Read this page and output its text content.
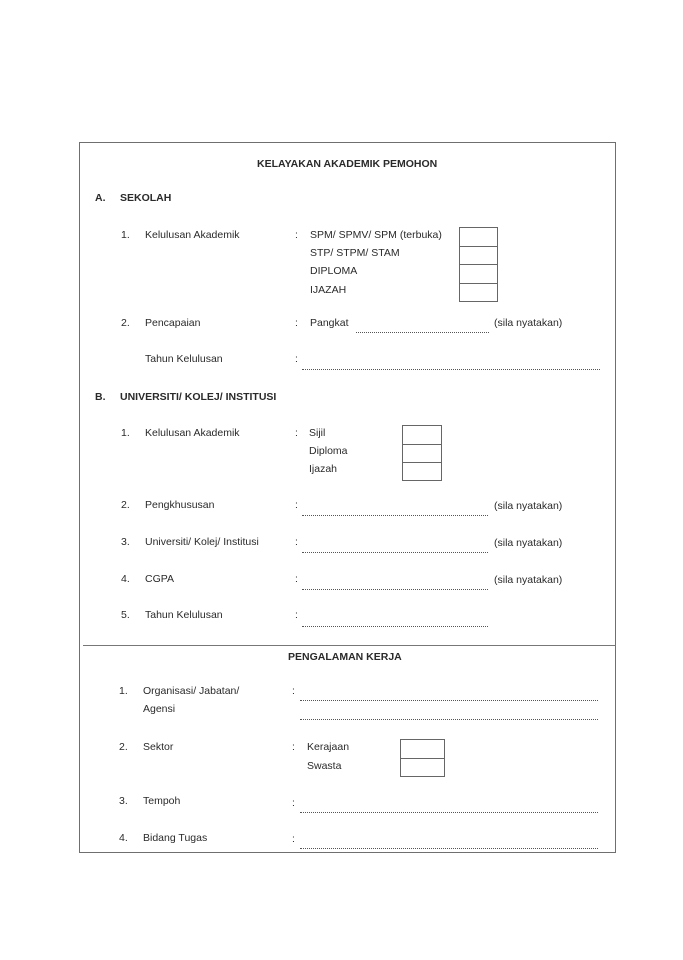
KELAYAKAN AKADEMIK PEMOHON
A. SEKOLAH
1. Kelulusan Akademik	: SPM/ SPMV/ SPM (terbuka)
STP/ STPM/ STAM
DIPLOMA
IJAZAH
2. Pencapaian	: Pangkat	(sila nyatakan)
Tahun Kelulusan	:
B. UNIVERSITI/ KOLEJ/ INSTITUSI
1. Kelulusan Akademik	: Sijil
Diploma
Ijazah
2. Pengkhususan	:	(sila nyatakan)
3. Universiti/ Kolej/ Institusi	:	(sila nyatakan)
4. CGPA	:	(sila nyatakan)
5. Tahun Kelulusan	:
PENGALAMAN KERJA
1. Organisasi/ Jabatan/
Agensi
:
2. Sektor	: Kerajaan
Swasta
3. Tempoh	:
4. Bidang Tugas	:
